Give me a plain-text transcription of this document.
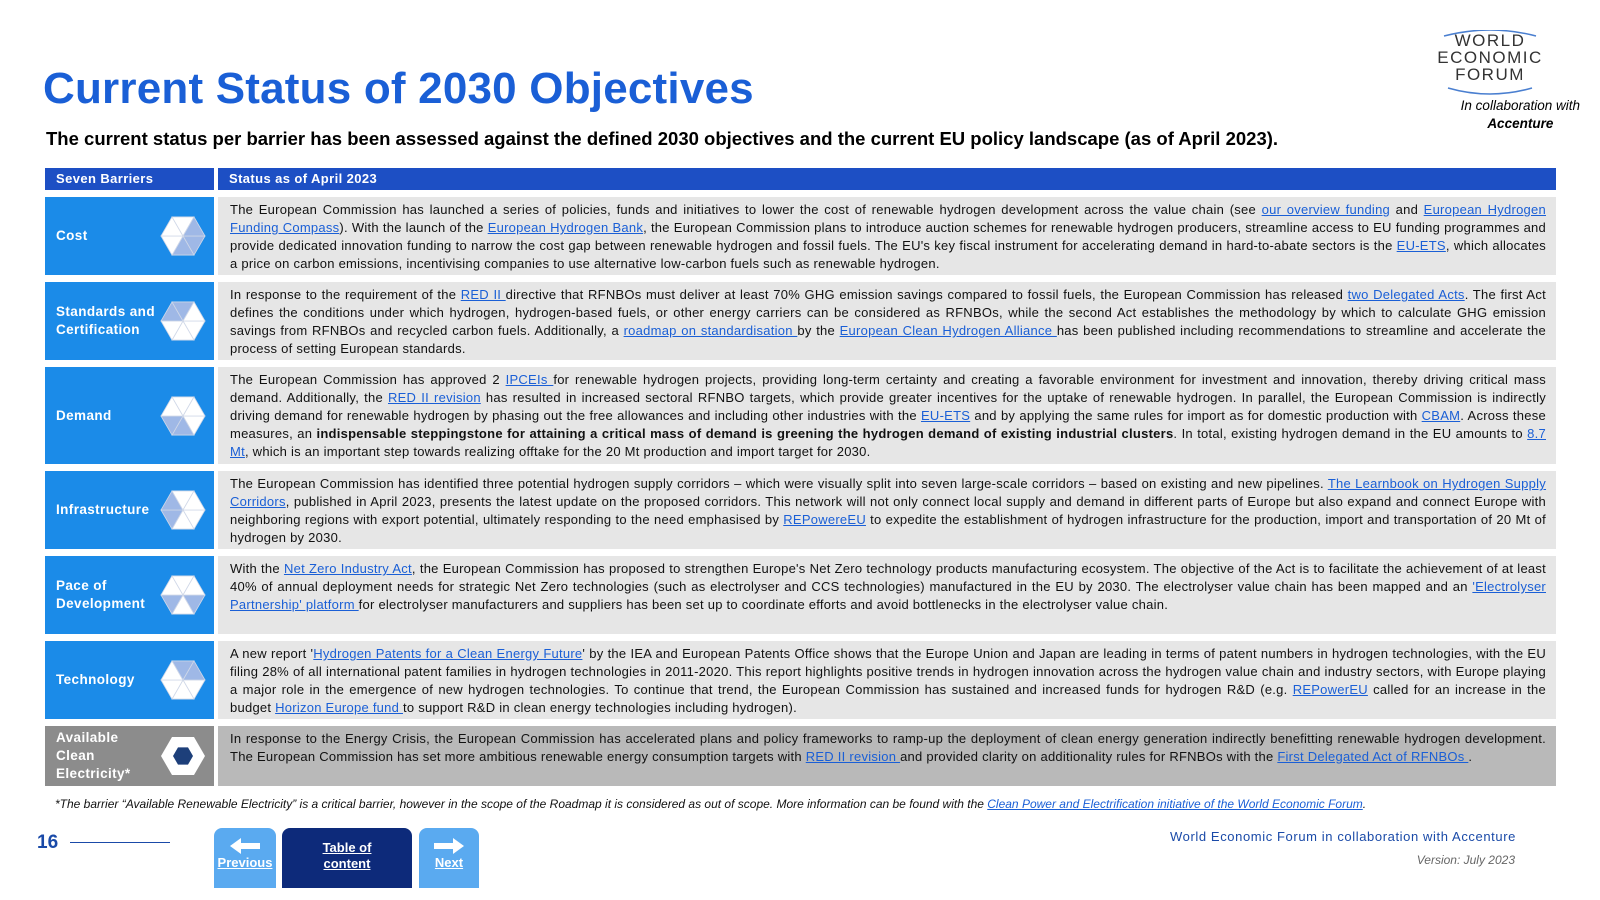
Current Status of 2030 Objectives
The current status per barrier has been assessed against the defined 2030 objectives and the current EU policy landscape (as of April 2023).
WORLD
ECONOMIC
FORUM
In collaboration with
Accenture
Seven Barriers	Status as of April 2023
Cost
The European Commission has launched a series of policies, funds and initiatives to lower the cost of renewable hydrogen development across the value chain (see our overview funding and European Hydrogen Funding Compass). With the launch of the European Hydrogen Bank, the European Commission plans to introduce auction schemes for renewable hydrogen producers, streamline access to EU funding programmes and provide dedicated innovation funding to narrow the cost gap between renewable hydrogen and fossil fuels. The EU's key fiscal instrument for accelerating demand in hard-to-abate sectors is the EU-ETS, which allocates a price on carbon emissions, incentivising companies to use alternative low-carbon fuels such as renewable hydrogen.
Standards and Certification
In response to the requirement of the RED II directive that RFNBOs must deliver at least 70% GHG emission savings compared to fossil fuels, the European Commission has released two Delegated Acts. The first Act defines the conditions under which hydrogen, hydrogen-based fuels, or other energy carriers can be considered as RFNBOs, while the second Act establishes the methodology by which to calculate GHG emission savings from RFNBOs and recycled carbon fuels. Additionally, a roadmap on standardisation by the European Clean Hydrogen Alliance has been published including recommendations to streamline and accelerate the process of setting European standards.
Demand
The European Commission has approved 2 IPCEIs for renewable hydrogen projects, providing long-term certainty and creating a favorable environment for investment and innovation, thereby driving critical mass demand. Additionally, the RED II revision has resulted in increased sectoral RFNBO targets, which provide greater incentives for the uptake of renewable hydrogen. In parallel, the European Commission is indirectly driving demand for renewable hydrogen by phasing out the free allowances and including other industries with the EU-ETS and by applying the same rules for import as for domestic production with CBAM. Across these measures, an indispensable steppingstone for attaining a critical mass of demand is greening the hydrogen demand of existing industrial clusters. In total, existing hydrogen demand in the EU amounts to 8.7 Mt, which is an important step towards realizing offtake for the 20 Mt production and import target for 2030.
Infrastructure
The European Commission has identified three potential hydrogen supply corridors – which were visually split into seven large-scale corridors – based on existing and new pipelines. The Learnbook on Hydrogen Supply Corridors, published in April 2023, presents the latest update on the proposed corridors. This network will not only connect local supply and demand in different parts of Europe but also expand and connect Europe with neighboring regions with export potential, ultimately responding to the need emphasised by REPowereEU to expedite the establishment of hydrogen infrastructure for the production, import and transportation of 20 Mt of hydrogen by 2030.
Pace of Development
With the Net Zero Industry Act, the European Commission has proposed to strengthen Europe's Net Zero technology products manufacturing ecosystem. The objective of the Act is to facilitate the achievement of at least 40% of annual deployment needs for strategic Net Zero technologies (such as electrolyser and CCS technologies) manufactured in the EU by 2030. The electrolyser value chain has been mapped and an 'Electrolyser Partnership' platform for electrolyser manufacturers and suppliers has been set up to coordinate efforts and avoid bottlenecks in the electrolyser value chain.
Technology
A new report 'Hydrogen Patents for a Clean Energy Future' by the IEA and European Patents Office shows that the Europe Union and Japan are leading in terms of patent numbers in hydrogen technologies, with the EU filing 28% of all international patent families in hydrogen technologies in 2011-2020. This report highlights positive trends in hydrogen innovation across the hydrogen value chain and industry sectors, with Europe playing a major role in the emergence of new hydrogen technologies. To continue that trend, the European Commission has sustained and increased funds for hydrogen R&D (e.g. REPowerEU called for an increase in the budget Horizon Europe fund to support R&D in clean energy technologies including hydrogen).
Available Clean Electricity*
In response to the Energy Crisis, the European Commission has accelerated plans and policy frameworks to ramp-up the deployment of clean energy generation indirectly benefitting renewable hydrogen development. The European Commission has set more ambitious renewable energy consumption targets with RED II revision and provided clarity on additionality rules for RFNBOs with the First Delegated Act of RFNBOs .
*The barrier “Available Renewable Electricity” is a critical barrier, however in the scope of the Roadmap it is considered as out of scope. More information can be found with the Clean Power and Electrification initiative of the World Economic Forum.
16
Previous
Table of content	Next
World Economic Forum in collaboration with Accenture
Version: July 2023
